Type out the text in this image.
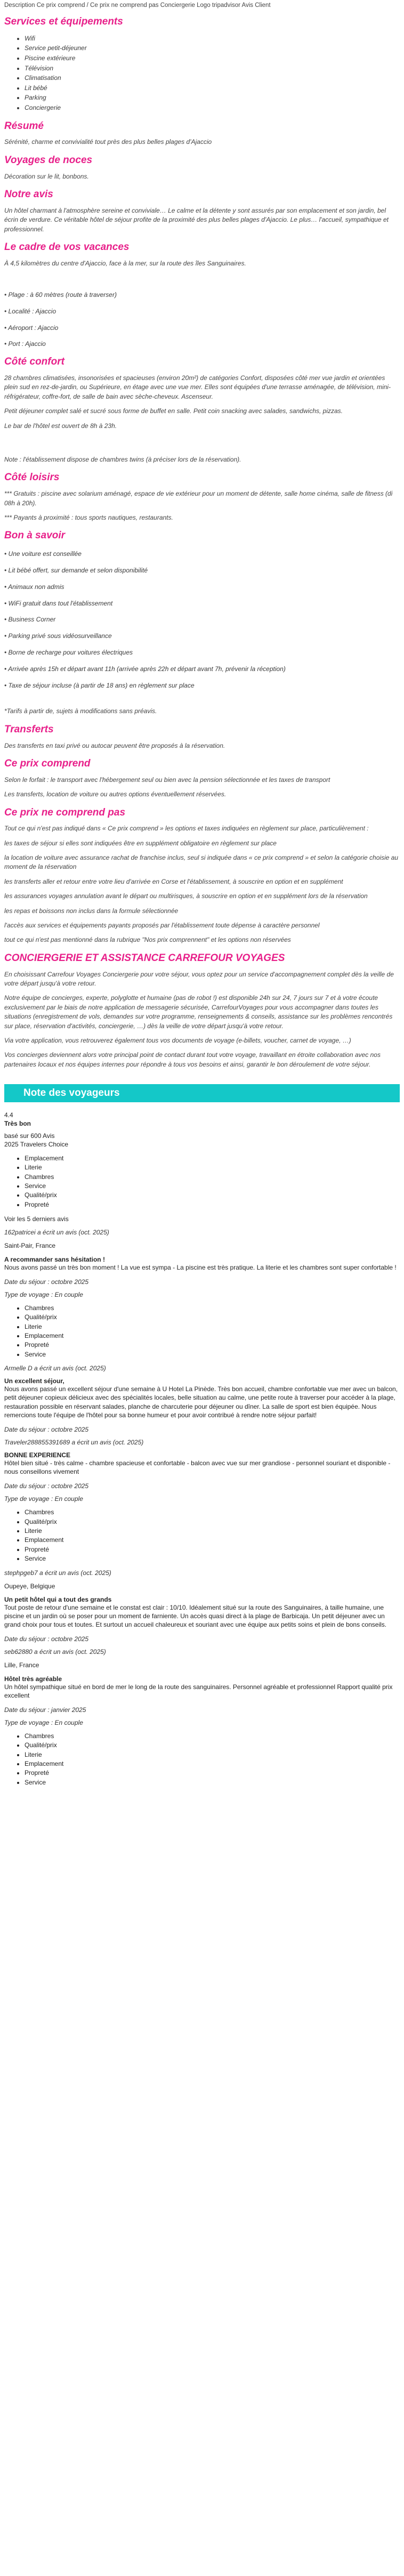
Description Ce prix comprend / Ce prix ne comprend pas Conciergerie Logo tripadvisor Avis Client
Services et équipements
• Wifi
• Service petit-déjeuner
• Piscine extérieure
• Télévision
• Climatisation
• Lit bébé
• Parking
• Conciergerie
Résumé

Sérénité, charme et convivialité tout près des plus belles plages d'Ajaccio

Voyages de noces

Décoration sur le lit, bonbons.

Notre avis

Un hôtel charmant à l'atmosphère sereine et conviviale… Le calme et la détente y sont assurés par son emplacement et son jardin, bel écrin de verdure. Ce véritable hôtel de séjour profite de la proximité des plus belles plages d'Ajaccio. Le plus… l'accueil, sympathique et professionnel.

Le cadre de vos vacances

À 4,5 kilomètres du centre d'Ajaccio, face à la mer, sur la route des îles Sanguinaires.

• Plage : à 60 mètres (route à traverser)

• Localité : Ajaccio

• Aéroport : Ajaccio

• Port : Ajaccio

Côté confort

28 chambres climatisées, insonorisées et spacieuses (environ 20m²) de catégories Confort, disposées côté mer vue jardin et orientées plein sud en rez-de-jardin, ou Supérieure, en étage avec une vue mer. Elles sont équipées d'une terrasse aménagée, de télévision, mini-réfrigérateur, coffre-fort, de salle de bain avec sèche-cheveux. Ascenseur.

Petit déjeuner complet salé et sucré sous forme de buffet en salle. Petit coin snacking avec salades, sandwichs, pizzas.

Le bar de l'hôtel est ouvert de 8h à 23h.

Note : l'établissement dispose de chambres twins (à préciser lors de la réservation).

Côté loisirs

*** Gratuits : piscine avec solarium aménagé, espace de vie extérieur pour un moment de détente, salle home cinéma, salle de fitness (di 08h à 20h).

*** Payants à proximité : tous sports nautiques, restaurants.

Bon à savoir

• Une voiture est conseillée

• Lit bébé offert, sur demande et selon disponibilité

• Animaux non admis

• WiFi gratuit dans tout l'établissement

• Business Corner

• Parking privé sous vidéosurveillance

• Borne de recharge pour voitures électriques

• Arrivée après 15h et départ avant 11h (arrivée après 22h et départ avant 7h, prévenir la réception)

• Taxe de séjour incluse (à partir de 18 ans) en règlement sur place

*Tarifs à partir de, sujets à modifications sans préavis.

Transferts

Des transferts en taxi privé ou autocar peuvent être proposés à la réservation.

Ce prix comprend

Selon le forfait : le transport avec l'hébergement seul ou bien avec la pension sélectionnée et les taxes de transport

Les transferts, location de voiture ou autres options éventuellement réservées.

Ce prix ne comprend pas

Tout ce qui n'est pas indiqué dans « Ce prix comprend » les options et taxes indiquées en règlement sur place, particulièrement :

les taxes de séjour si elles sont indiquées être en supplément obligatoire en règlement sur place

la location de voiture avec assurance rachat de franchise inclus, seul si indiquée dans « ce prix comprend » et selon la catégorie choisie au moment de la réservation

les transferts aller et retour entre votre lieu d'arrivée en Corse et l'établissement, à souscrire en option et en supplément

les assurances voyages annulation avant le départ ou multirisques, à souscrire en option et en supplément lors de la réservation

les repas et boissons non inclus dans la formule sélectionnée

l'accès aux services et équipements payants proposés par l'établissement toute dépense à caractère personnel

tout ce qui n'est pas mentionné dans la rubrique "Nos prix comprennent" et les options non réservées

CONCIERGERIE ET ASSISTANCE CARREFOUR VOYAGES

En choisissant Carrefour Voyages Conciergerie pour votre séjour, vous optez pour un service d'accompagnement complet dès la veille de votre départ jusqu'à votre retour.

Notre équipe de concierges, experte, polyglotte et humaine (pas de robot !) est disponible 24h sur 24, 7 jours sur 7 et à votre écoute exclusivement par le biais de notre application de messagerie sécurisée, CarrefourVoyages pour vous accompagner dans toutes les situations (enregistrement de vols, demandes sur votre programme, renseignements & conseils, assistance sur les problèmes rencontrés sur place, réservation d'activités, conciergerie, …) dès la veille de votre départ jusqu'à votre retour.

Via votre application, vous retrouverez également tous vos documents de voyage (e-billets, voucher, carnet de voyage, …)

Vos concierges deviennent alors votre principal point de contact durant tout votre voyage, travaillant en étroite collaboration avec nos partenaires locaux et nos équipes internes pour répondre à tous vos besoins et ainsi, garantir le bon déroulement de votre séjour.

Note des voyageurs

4.4
Très bon

basé sur 600 Avis
2025 Travelers Choice

• Emplacement
• Literie
• Chambres
• Service
• Qualité/prix
• Propreté

Voir les 5 derniers avis

162patricei a écrit un avis (oct. 2025)

Saint-Pair, France

A recommander sans hésitation !

Nous avons passé un très bon moment ! La vue est sympa - La piscine est très pratique. La literie et les chambres sont super confortable !

Date du séjour : octobre 2025

Type de voyage : En couple

• Chambres
• Qualité/prix
• Literie
• Emplacement
• Propreté
• Service

Armelle D a écrit un avis (oct. 2025)

Un excellent séjour,

Nous avons passé un excellent séjour d'une semaine à U Hotel La Pinède. Très bon accueil, chambre confortable vue mer avec un balcon, petit déjeuner copieux délicieux avec des spécialités locales, belle situation au calme, une petite route à traverser pour accéder à la plage, restauration possible en réservant salades, planche de charcuterie pour déjeuner ou dîner. La salle de sport est bien équipée. Nous remercions toute l'équipe de l'hôtel pour sa bonne humeur et pour avoir contribué à rendre notre séjour parfait!

Date du séjour : octobre 2025

Traveler288855391689 a écrit un avis (oct. 2025)

BONNE EXPERIENCE

Hôtel bien situé - très calme - chambre spacieuse et confortable - balcon avec vue sur mer grandiose - personnel souriant et disponible - nous conseillons vivement

Date du séjour : octobre 2025

Type de voyage : En couple

• Chambres
• Qualité/prix
• Literie
• Emplacement
• Propreté
• Service

stephpgeb7 a écrit un avis (oct. 2025)

Oupeye, Belgique

Un petit hôtel qui a tout des grands

Tout poste de retour d'une semaine et le constat est clair : 10/10. Idéalement situé sur la route des Sanguinaires, à taille humaine, une piscine et un jardin où se poser pour un moment de farniente. Un accès quasi direct à la plage de Barbicaja. Un petit déjeuner avec un grand choix pour tous et toutes. Et surtout un accueil chaleureux et souriant avec une équipe aux petits soins et plein de bons conseils.

Date du séjour : octobre 2025

seb62880 a écrit un avis (oct. 2025)

Lille, France

Hôtel très agréable

Un hôtel sympathique situé en bord de mer le long de la route des sanguinaires. Personnel agréable et professionnel Rapport qualité prix excellent

Date du séjour : janvier 2025

Type de voyage : En couple

• Chambres
• Qualité/prix
• Literie
• Emplacement
• Propreté
• Service
